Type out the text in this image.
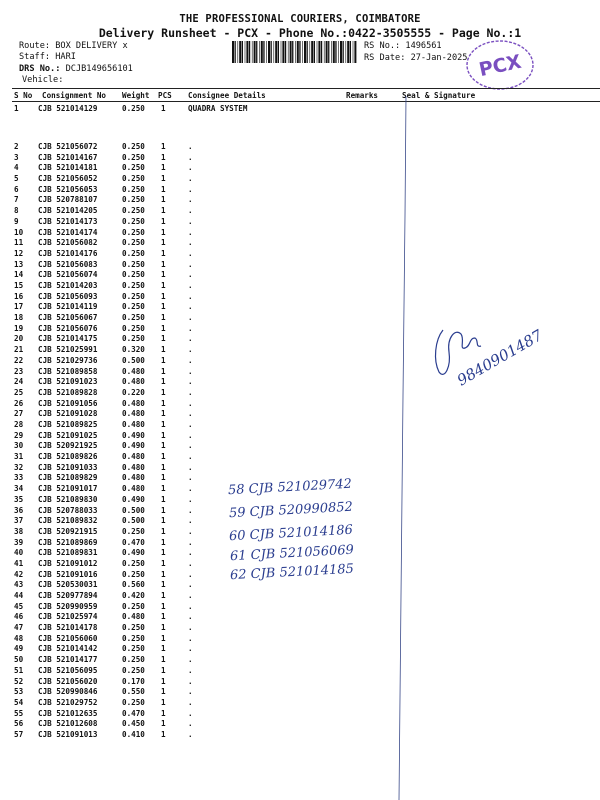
THE PROFESSIONAL COURIERS, COIMBATORE
Delivery Runsheet - PCX - Phone No.:0422-3505555 - Page No.:1
Route: BOX DELIVERY x
Staff: HARI
DRS No.: DCJB149656101
Vehicle:
RS No.: 1496561
RS Date: 27-Jan-2025 PCX
S No Consignment No Weight PCS Consignee Details	Remarks	Seal & Signature
1	CJB 521014129	0.250 1	QUADRA SYSTEM
2	CJB 521056072	0.250 1	.
3	CJB 521014167	0.250 1	.
4	CJB 521014181	0.250 1	.
5	CJB 521056052	0.250 1	.
6	CJB 521056053	0.250 1	.
7	CJB 520788107	0.250 1	.
8	CJB 521014205	0.250 1	.
9	CJB 521014173	0.250 1	.
10 CJB 521014174	0.250 1	.
11 CJB 521056082	0.250 1	.
12 CJB 521014176	0.250 1	.
13 CJB 521056083	0.250 1	.
14 CJB 521056074	0.250 1	.
15 CJB 521014203	0.250 1	.
16 CJB 521056093	0.250 1	.
17 CJB 521014119	0.250 1	.
18 CJB 521056067	0.250 1	.
19 CJB 521056076	0.250 1	.
20 CJB 521014175	0.250 1	.
21 CJB 521025991	0.320 1	.
22 CJB 521029736	0.500 1	.
23 CJB 521089858	0.480 1	.
24 CJB 521091023	0.480 1	.
25 CJB 521089828	0.220 1	.
26 CJB 521091056	0.480 1	.
27 CJB 521091028	0.480 1	.
28 CJB 521089825	0.480 1	.
29 CJB 521091025	0.490 1	.
30 CJB 520921925	0.490 1	.
31 CJB 521089826	0.480 1	.
32 CJB 521091033	0.480 1	.
33 CJB 521089829	0.480 1	.
34 CJB 521091017	0.480 1	.
35 CJB 521089830	0.490 1	.
36 CJB 520788033	0.500 1	.
37 CJB 521089832	0.500 1	.
38 CJB 520921915	0.250 1	.
39 CJB 521089869	0.470 1	.
40 CJB 521089831	0.490 1	.
41 CJB 521091012	0.250 1	.
42 CJB 521091016	0.250 1	.
43 CJB 520530031	0.560 1	.
44 CJB 520977894	0.420 1	.
45 CJB 520990959	0.250 1	.
46 CJB 521025974	0.480 1	.
47 CJB 521014178	0.250 1	.
48 CJB 521056060	0.250 1	.
49 CJB 521014142	0.250 1	.
50 CJB 521014177	0.250 1	.
51 CJB 521056095	0.250 1	.
52 CJB 521056020	0.170 1	.
53 CJB 520990846	0.550 1	.
54 CJB 521029752	0.250 1	.
55 CJB 521012635	0.470 1	.
56 CJB 521012608	0.450 1	.
57 CJB 521091013	0.410 1	.
58 CJB 521029742
59 CJB 520990852
60 CJB 521014186
61 CJB 521056069
62 CJB 521014185
9840901487
